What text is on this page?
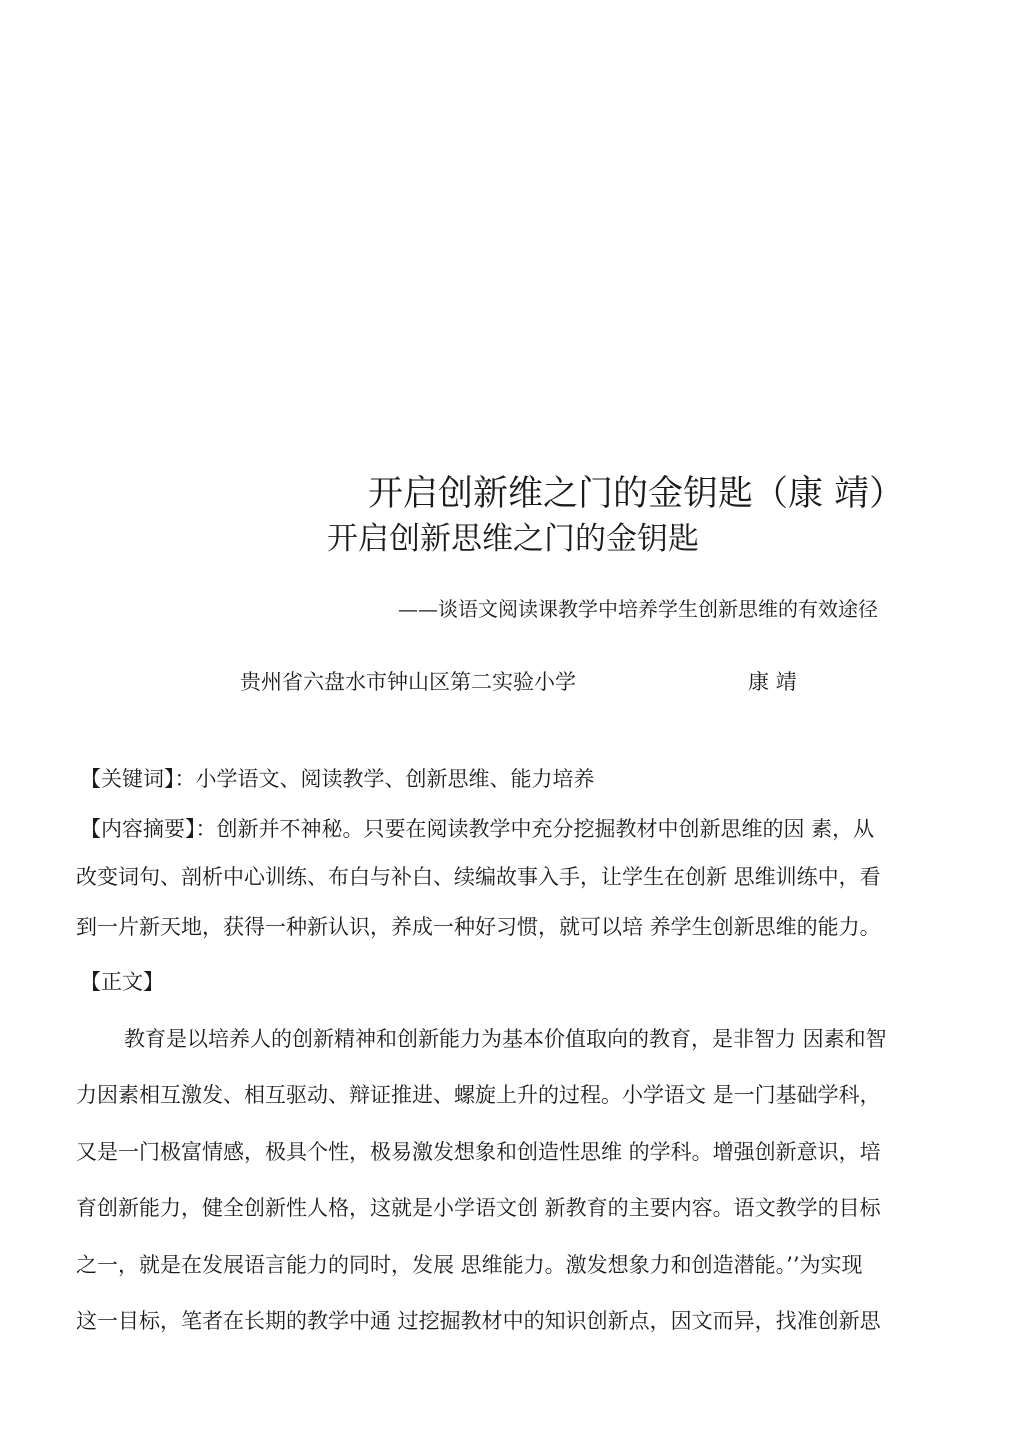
开启创新维之门的金钥匙（康 靖）
开启创新思维之门的金钥匙
——谈语文阅读课教学中培养学生创新思维的有效途径
贵州省六盘水市钟山区第二实验小学	康 靖
【关键词】：小学语文、阅读教学、创新思维、能力培养
【内容摘要】：创新并不神秘。只要在阅读教学中充分挖掘教材中创新思维的因 素，从
改变词句、剖析中心训练、布白与补白、续编故事入手，让学生在创新 思维训练中，看
到一片新天地，获得一种新认识，养成一种好习惯，就可以培 养学生创新思维的能力。
【正文】
教育是以培养人的创新精神和创新能力为基本价值取向的教育，是非智力 因素和智
力因素相互激发、相互驱动、辩证推进、螺旋上升的过程。小学语文 是一门基础学科，
又是一门极富情感，极具个性，极易激发想象和创造性思维 的学科。增强创新意识，培
育创新能力，健全创新性人格，这就是小学语文创 新教育的主要内容。语文教学的目标
之一，就是在发展语言能力的同时，发展 思维能力。激发想象力和创造潜能。’’为实现
这一目标，笔者在长期的教学中通 过挖掘教材中的知识创新点，因文而异，找准创新思
